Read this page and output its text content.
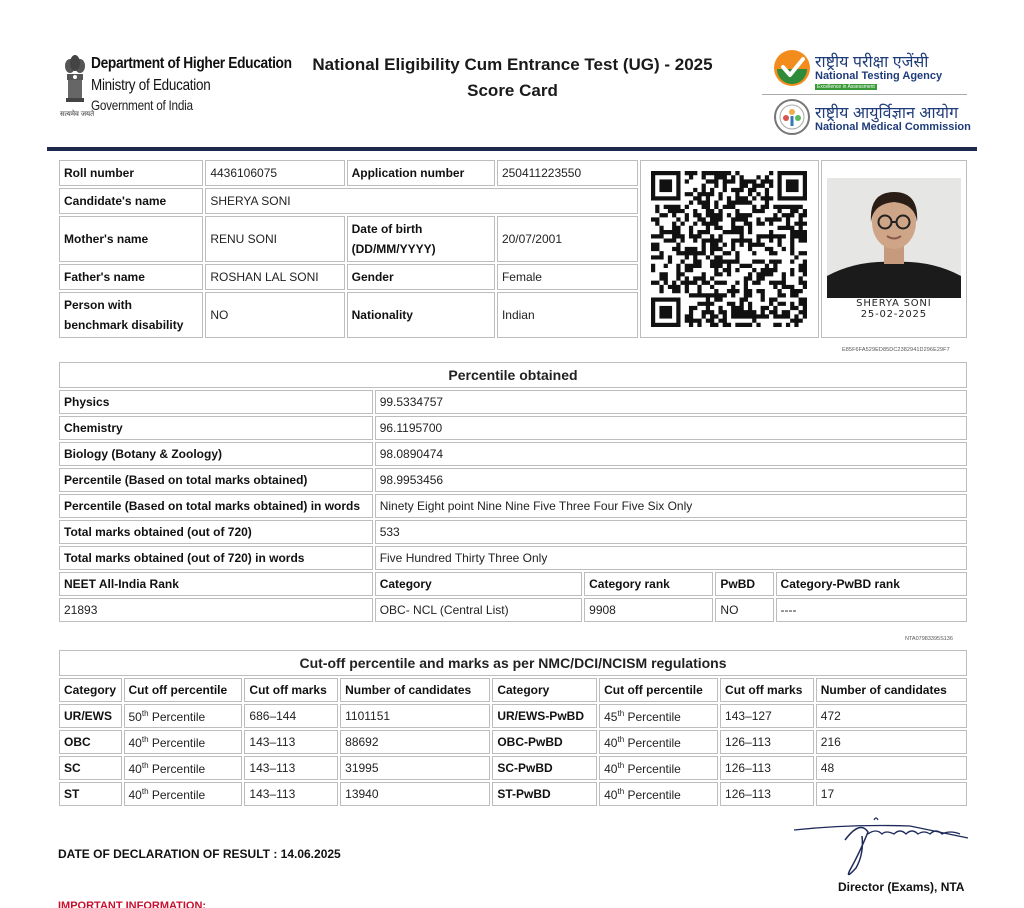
सत्यमेव जयते
Department of Higher Education
Ministry of Education
Government of India
National Eligibility Cum Entrance Test (UG) - 2025
Score Card
राष्ट्रीय परीक्षा एजेंसी
National Testing Agency
Excellence in Assessment
राष्ट्रीय आयुर्विज्ञान आयोग
National Medical Commission
Roll number	4436106075	Application number	250411223550		SHERYA SONI
25-02-2025

Candidate's name	SHERYA SONI				
Mother's name	RENU SONI	Date of birth (DD/MM/YYYY)	20/07/2001		
Father's name	ROSHAN LAL SONI	Gender	Female		
Person with benchmark disability	NO	Nationality	Indian		
E85F6FA529ED85DC2382941D296E29F7
Percentile obtained				
Physics	99.5334757			
Chemistry	96.1195700			
Biology (Botany & Zoology)	98.0890474			
Percentile (Based on total marks obtained)	98.9953456			
Percentile (Based on total marks obtained) in words	Ninety Eight point Nine Nine Five Three Four Five Six Only			
Total marks obtained (out of 720)	533			
Total marks obtained (out of 720) in words	Five Hundred Thirty Three Only			
NEET All-India Rank	Category	Category rank	PwBD	Category-PwBD rank
21893	OBC- NCL (Central List)	9908	NO	----
NTA07983395S136
Cut-off percentile and marks as per NMC/DCI/NCISM regulations							
Category	Cut off percentile	Cut off marks	Number of candidates	Category	Cut off percentile	Cut off marks	Number of candidates
UR/EWS	50th Percentile	686–144	1101151	UR/EWS-PwBD	45th Percentile	143–127	472
OBC	40th Percentile	143–113	88692	OBC-PwBD	40th Percentile	126–113	216
SC	40th Percentile	143–113	31995	SC-PwBD	40th Percentile	126–113	48
ST	40th Percentile	143–113	13940	ST-PwBD	40th Percentile	126–113	17
DATE OF DECLARATION OF RESULT : 14.06.2025
Director (Exams), NTA
IMPORTANT INFORMATION:
